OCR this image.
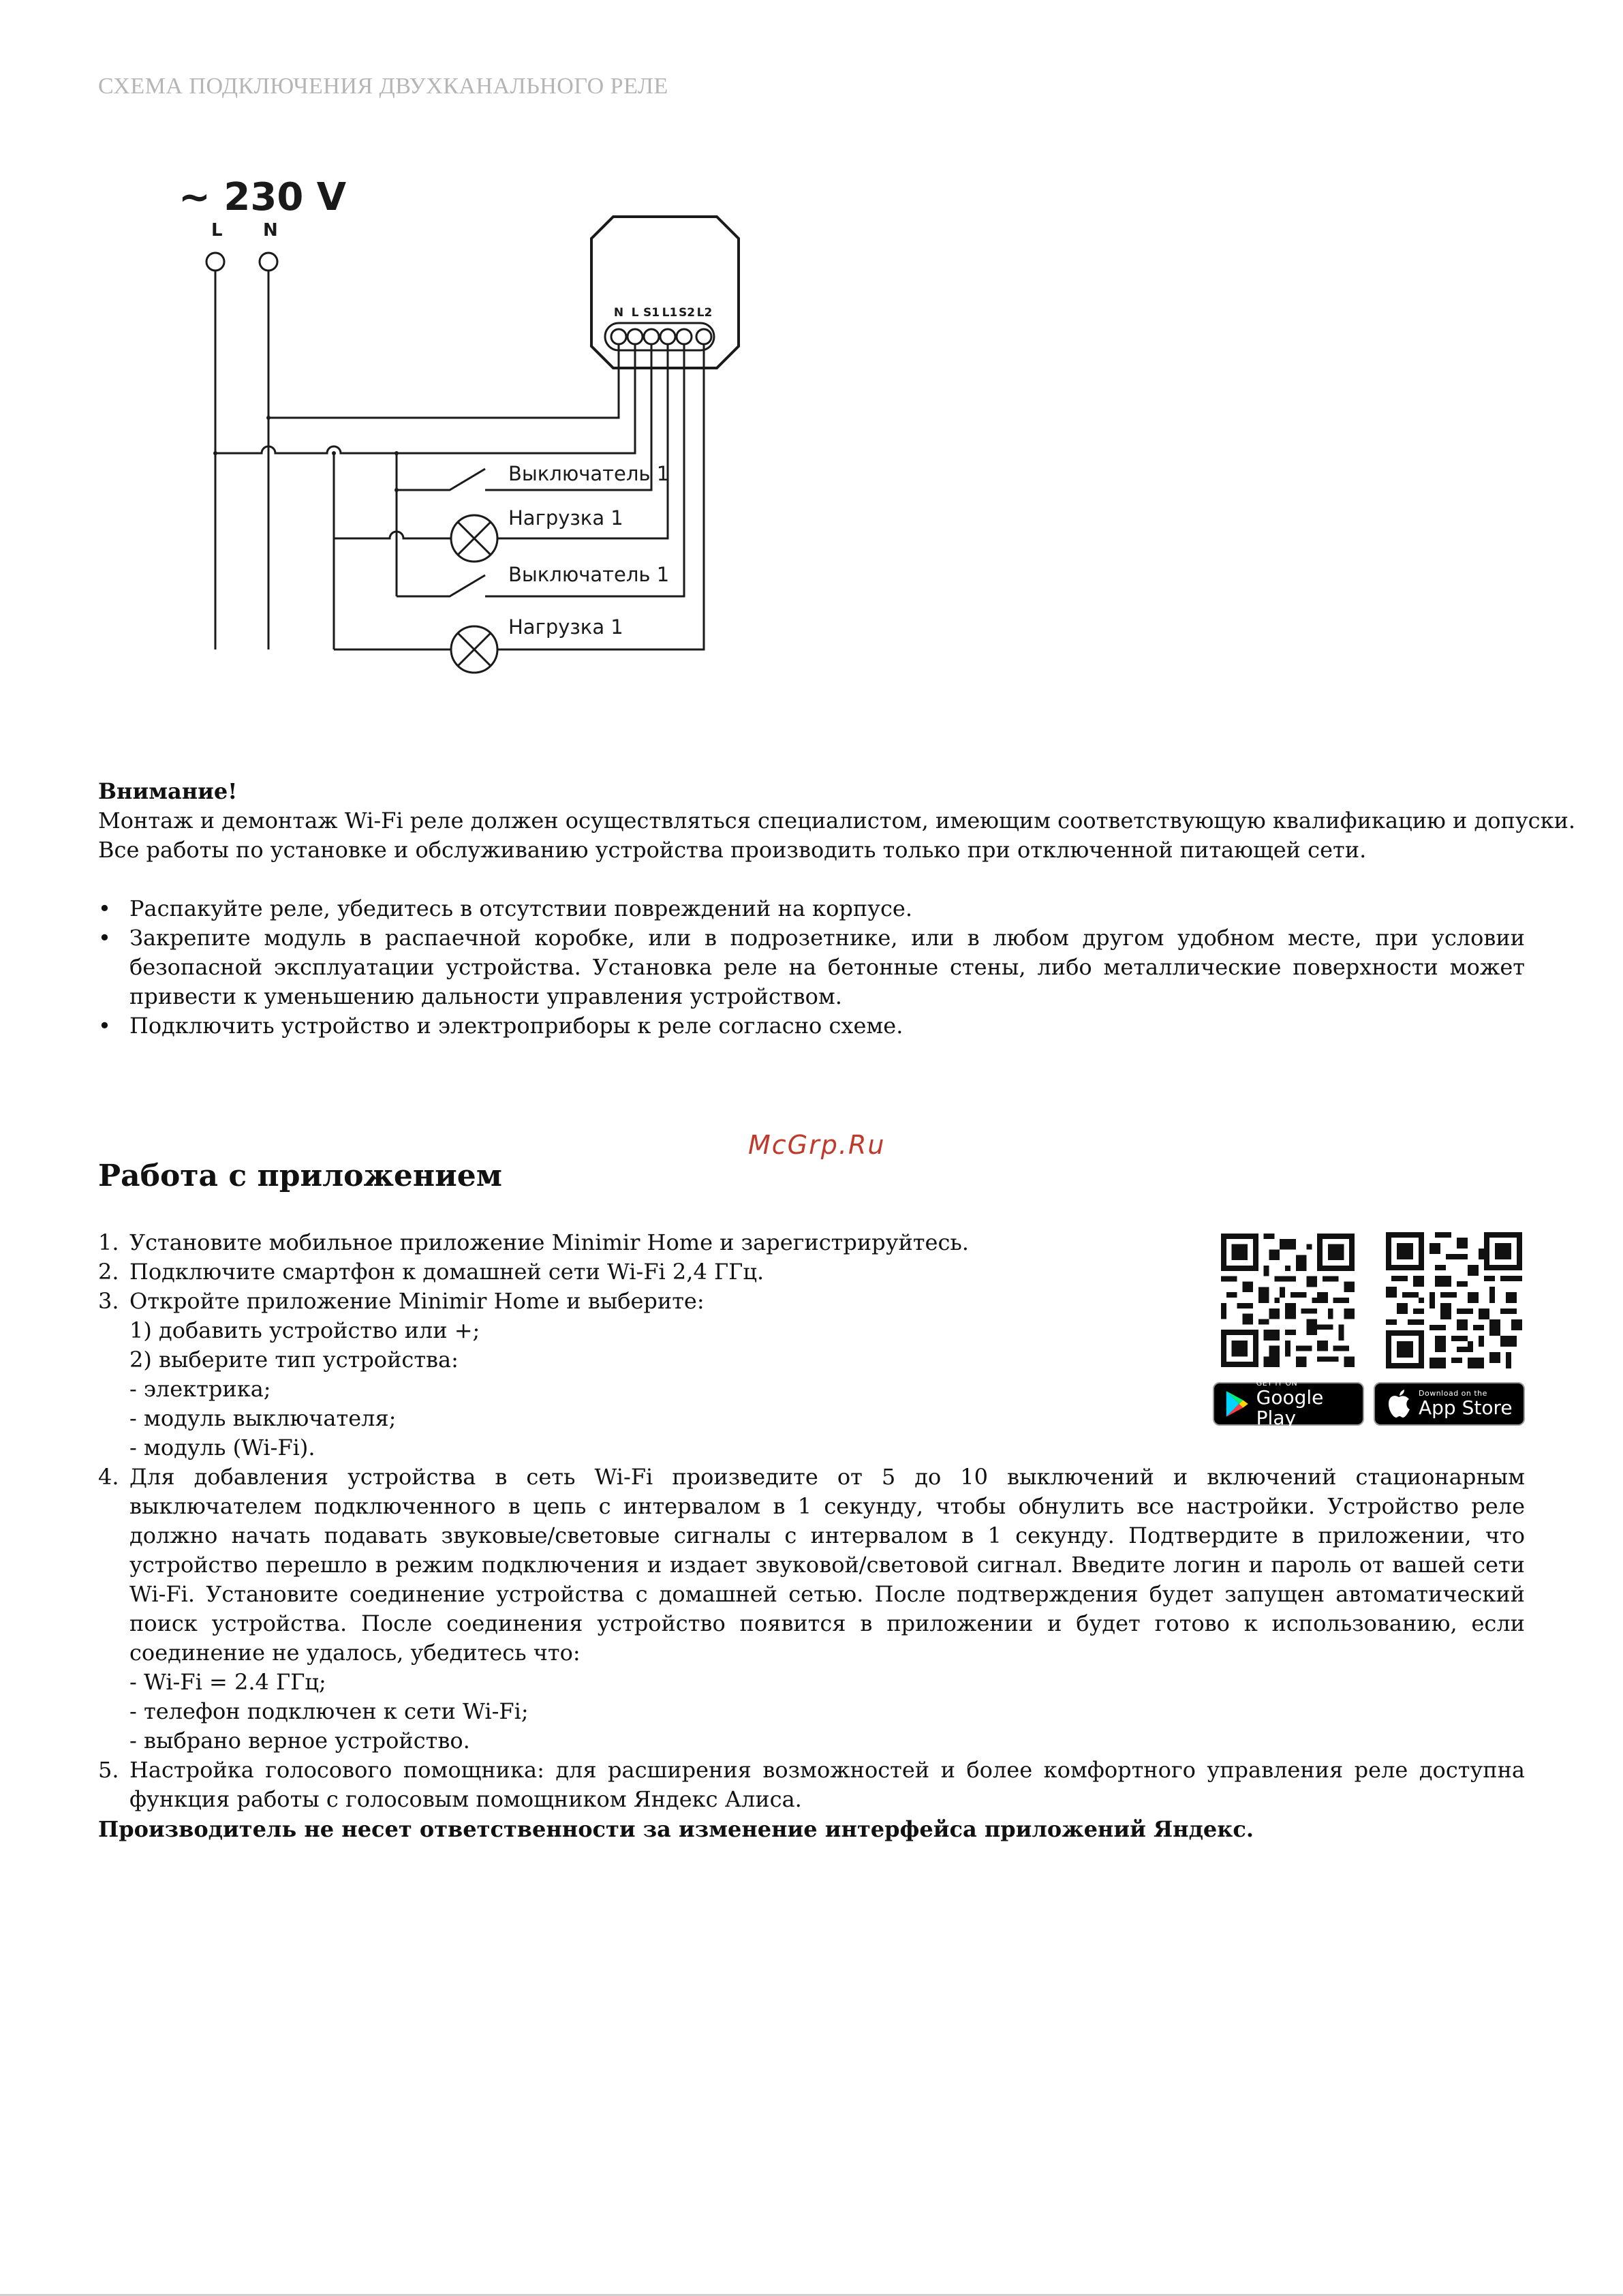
СХЕМА ПОДКЛЮЧЕНИЯ ДВУХКАНАЛЬНОГО РЕЛЕ
~ 230 V
L N
N L S1 L1 S2 L2
Выключатель 1
Нагрузка 1
Выключатель 1
Нагрузка 1
Внимание!
Монтаж и демонтаж Wi-Fi реле должен осуществляться специалистом, имеющим соответствующую квалификацию и допуски.
Все работы по установке и обслуживанию устройства производить только при отключенной питающей сети.
• Распакуйте реле, убедитесь в отсутствии повреждений на корпусе.
• Закрепите модуль в распаечной коробке, или в подрозетнике, или в любом другом удобном месте, при условии безопасной эксплуатации устройства. Установка реле на бетонные стены, либо металлические поверхности может привести к уменьшению дальности управления устройством.
• Подключить устройство и электроприборы к реле согласно схеме.
McGrp.Ru
Работа с приложением
1. Установите мобильное приложение Minimir Home и зарегистрируйтесь.
2. Подключите смартфон к домашней сети Wi-Fi 2,4 ГГц.
3. Откройте приложение Minimir Home и выберите:
1) добавить устройство или +;
2) выберите тип устройства:
- электрика;
- модуль выключателя;
- модуль (Wi-Fi).
4. Для добавления устройства в сеть Wi-Fi произведите от 5 до 10 выключений и включений стационарным выключателем подключенного в цепь с интервалом в 1 секунду, чтобы обнулить все настройки. Устройство реле должно начать подавать звуковые/световые сигналы с интервалом в 1 секунду. Подтвердите в приложении, что устройство перешло в режим подключения и издает звуковой/световой сигнал. Введите логин и пароль от вашей сети Wi-Fi. Установите соединение устройства с домашней сетью. После подтверждения будет запущен автоматический поиск устройства. После соединения устройство появится в приложении и будет готово к использованию, если соединение не удалось, убедитесь что:
- Wi-Fi = 2.4 ГГц;
- телефон подключен к сети Wi-Fi;
- выбрано верное устройство.
5. Настройка голосового помощника: для расширения возможностей и более комфортного управления реле доступна функция работы с голосовым помощником Яндекс Алиса.
GET IT ON
Google Play
Download on the
App Store
Производитель не несет ответственности за изменение интерфейса приложений Яндекс.
